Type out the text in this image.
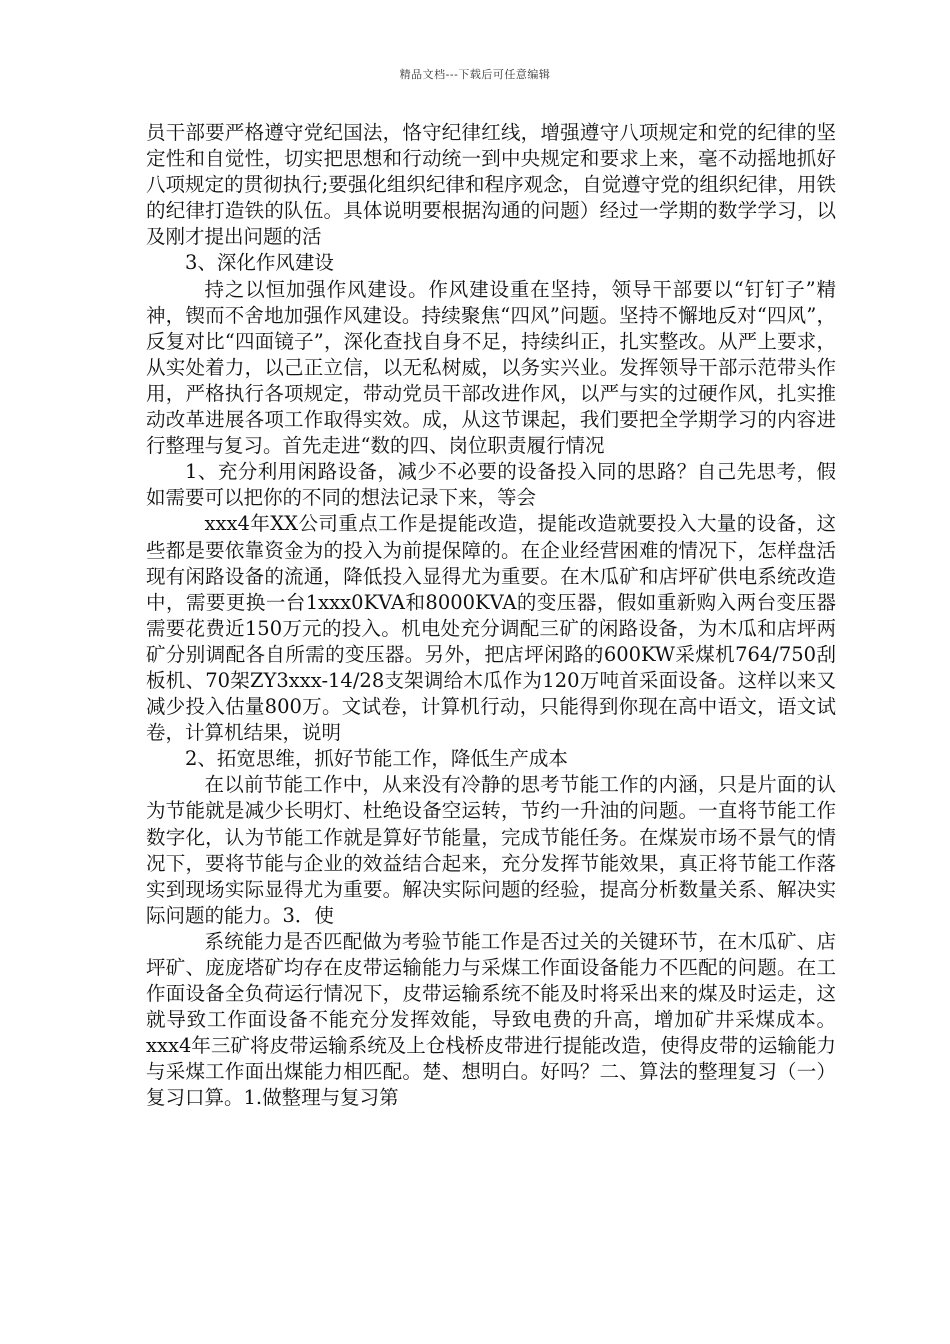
精品文档---下载后可任意编辑

员干部要严格遵守党纪国法，恪守纪律红线，增强遵守八项规定和党的纪律的坚定性和自觉性，切实把思想和行动统一到中央规定和要求上来，毫不动摇地抓好八项规定的贯彻执行;要强化组织纪律和程序观念，自觉遵守党的组织纪律，用铁的纪律打造铁的队伍。具体说明要根据沟通的问题）经过一学期的数学学习，以及刚才提出问题的活

3、深化作风建设

持之以恒加强作风建设。作风建设重在坚持，领导干部要以“钉钉子”精神，锲而不舍地加强作风建设。持续聚焦“四风”问题。坚持不懈地反对“四风”，反复对比“四面镜子”，深化查找自身不足，持续纠正，扎实整改。从严上要求，从实处着力，以己正立信，以无私树威，以务实兴业。发挥领导干部示范带头作用，严格执行各项规定，带动党员干部改进作风，以严与实的过硬作风，扎实推动改革进展各项工作取得实效。成，从这节课起，我们要把全学期学习的内容进行整理与复习。首先走进“数的四、岗位职责履行情况

1、充分利用闲路设备，减少不必要的设备投入同的思路？自己先思考，假如需要可以把你的不同的想法记录下来，等会

xxx4年XX公司重点工作是提能改造，提能改造就要投入大量的设备，这些都是要依靠资金为的投入为前提保障的。在企业经营困难的情况下，怎样盘活现有闲路设备的流通，降低投入显得尤为重要。在木瓜矿和店坪矿供电系统改造中，需要更换一台1xxx0KVA和8000KVA的变压器，假如重新购入两台变压器需要花费近150万元的投入。机电处充分调配三矿的闲路设备，为木瓜和店坪两矿分别调配各自所需的变压器。另外，把店坪闲路的600KW采煤机764/750刮板机、70架ZY3xxx-14/28支架调给木瓜作为120万吨首采面设备。这样以来又减少投入估量800万。文试卷，计算机行动，只能得到你现在高中语文，语文试卷，计算机结果，说明

2、拓宽思维，抓好节能工作，降低生产成本

在以前节能工作中，从来没有冷静的思考节能工作的内涵，只是片面的认为节能就是减少长明灯、杜绝设备空运转，节约一升油的问题。一直将节能工作数字化，认为节能工作就是算好节能量，完成节能任务。在煤炭市场不景气的情况下，要将节能与企业的效益结合起来，充分发挥节能效果，真正将节能工作落实到现场实际显得尤为重要。解决实际问题的经验，提高分析数量关系、解决实际问题的能力。3．使

系统能力是否匹配做为考验节能工作是否过关的关键环节，在木瓜矿、店坪矿、庞庞塔矿均存在皮带运输能力与采煤工作面设备能力不匹配的问题。在工作面设备全负荷运行情况下，皮带运输系统不能及时将采出来的煤及时运走，这就导致工作面设备不能充分发挥效能，导致电费的升高，增加矿井采煤成本。xxx4年三矿将皮带运输系统及上仓栈桥皮带进行提能改造，使得皮带的运输能力与采煤工作面出煤能力相匹配。楚、想明白。好吗？二、算法的整理复习（一）复习口算。1.做整理与复习第
